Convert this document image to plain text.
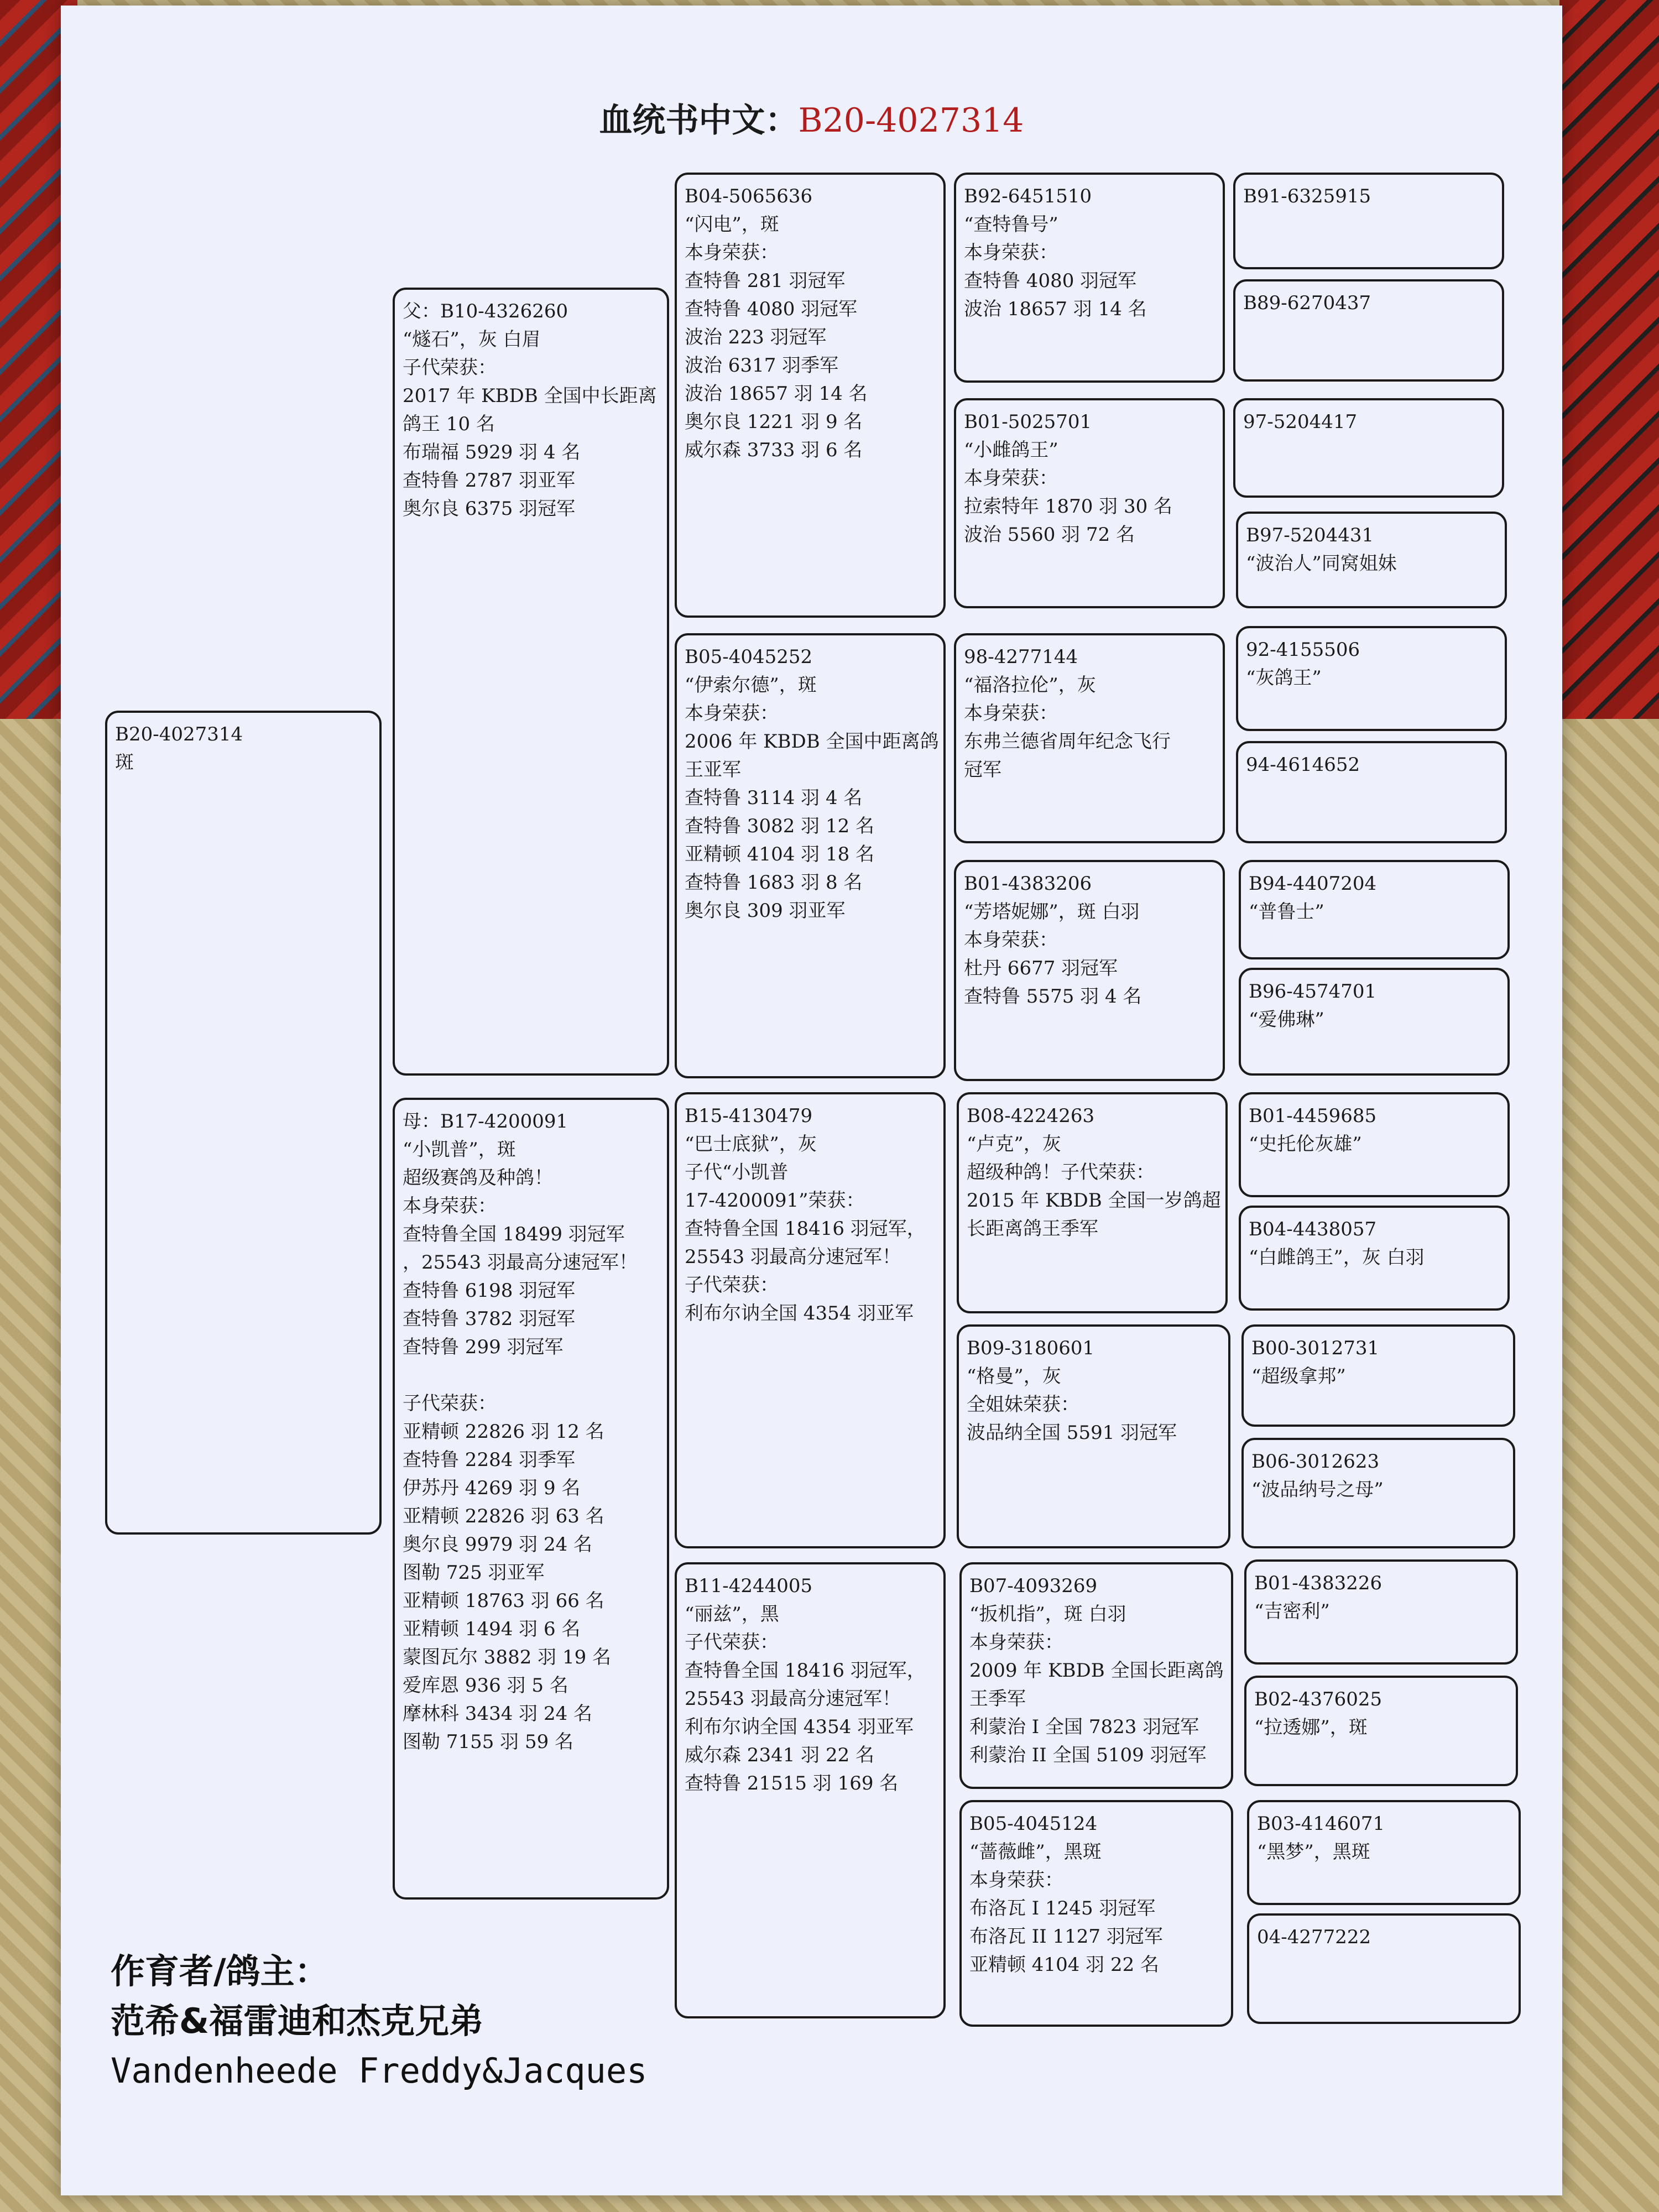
血统书中文：B20-4027314
B20-4027314
斑
父：B10-4326260
“燧石”，灰 白眉
子代荣获：
2017 年 KBDB 全国中长距离
鸽王 10 名
布瑞福 5929 羽 4 名
查特鲁 2787 羽亚军
奥尔良 6375 羽冠军
母：B17-4200091
“小凯普”，斑
超级赛鸽及种鸽！
本身荣获：
查特鲁全国 18499 羽冠军
，25543 羽最高分速冠军！
查特鲁 6198 羽冠军
查特鲁 3782 羽冠军
查特鲁 299 羽冠军
子代荣获：
亚精顿 22826 羽 12 名
查特鲁 2284 羽季军
伊苏丹 4269 羽 9 名
亚精顿 22826 羽 63 名
奥尔良 9979 羽 24 名
图勒 725 羽亚军
亚精顿 18763 羽 66 名
亚精顿 1494 羽 6 名
蒙图瓦尔 3882 羽 19 名
爱库恩 936 羽 5 名
摩林科 3434 羽 24 名
图勒 7155 羽 59 名
B04-5065636
“闪电”，斑
本身荣获：
查特鲁 281 羽冠军
查特鲁 4080 羽冠军
波治 223 羽冠军
波治 6317 羽季军
波治 18657 羽 14 名
奥尔良 1221 羽 9 名
威尔森 3733 羽 6 名
B05-4045252
“伊索尔德”，斑
本身荣获：
2006 年 KBDB 全国中距离鸽
王亚军
查特鲁 3114 羽 4 名
查特鲁 3082 羽 12 名
亚精顿 4104 羽 18 名
查特鲁 1683 羽 8 名
奥尔良 309 羽亚军
B15-4130479
“巴士底狱”，灰
子代“小凯普
17-4200091”荣获：
查特鲁全国 18416 羽冠军，
25543 羽最高分速冠军！
子代荣获：
利布尔讷全国 4354 羽亚军
B11-4244005
“丽兹”，黑
子代荣获：
查特鲁全国 18416 羽冠军，
25543 羽最高分速冠军！
利布尔讷全国 4354 羽亚军
威尔森 2341 羽 22 名
查特鲁 21515 羽 169 名
B92-6451510
“查特鲁号”
本身荣获：
查特鲁 4080 羽冠军
波治 18657 羽 14 名
B01-5025701
“小雌鸽王”
本身荣获：
拉索特年 1870 羽 30 名
波治 5560 羽 72 名
98-4277144
“福洛拉伦”，灰
本身荣获：
东弗兰德省周年纪念飞行
冠军
B01-4383206
“芳塔妮娜”，斑 白羽
本身荣获：
杜丹 6677 羽冠军
查特鲁 5575 羽 4 名
B08-4224263
“卢克”，灰
超级种鸽！子代荣获：
2015 年 KBDB 全国一岁鸽超
长距离鸽王季军
B09-3180601
“格曼”，灰
全姐妹荣获：
波品纳全国 5591 羽冠军
B07-4093269
“扳机指”，斑 白羽
本身荣获：
2009 年 KBDB 全国长距离鸽
王季军
利蒙治 I 全国 7823 羽冠军
利蒙治 II 全国 5109 羽冠军
B05-4045124
“蔷薇雌”，黑斑
本身荣获：
布洛瓦 I 1245 羽冠军
布洛瓦 II 1127 羽冠军
亚精顿 4104 羽 22 名
B91-6325915
B89-6270437
97-5204417
B97-5204431
“波治人”同窝姐妹
92-4155506
“灰鸽王”
94-4614652
B94-4407204
“普鲁士”
B96-4574701
“爱佛琳”
B01-4459685
“史托伦灰雄”
B04-4438057
“白雌鸽王”，灰 白羽
B00-3012731
“超级拿邦”
B06-3012623
“波品纳号之母”
B01-4383226
“吉密利”
B02-4376025
“拉透娜”，斑
B03-4146071
“黑梦”，黑斑
04-4277222
作育者/鸽主：
范希&福雷迪和杰克兄弟
Vandenheede Freddy&Jacques
